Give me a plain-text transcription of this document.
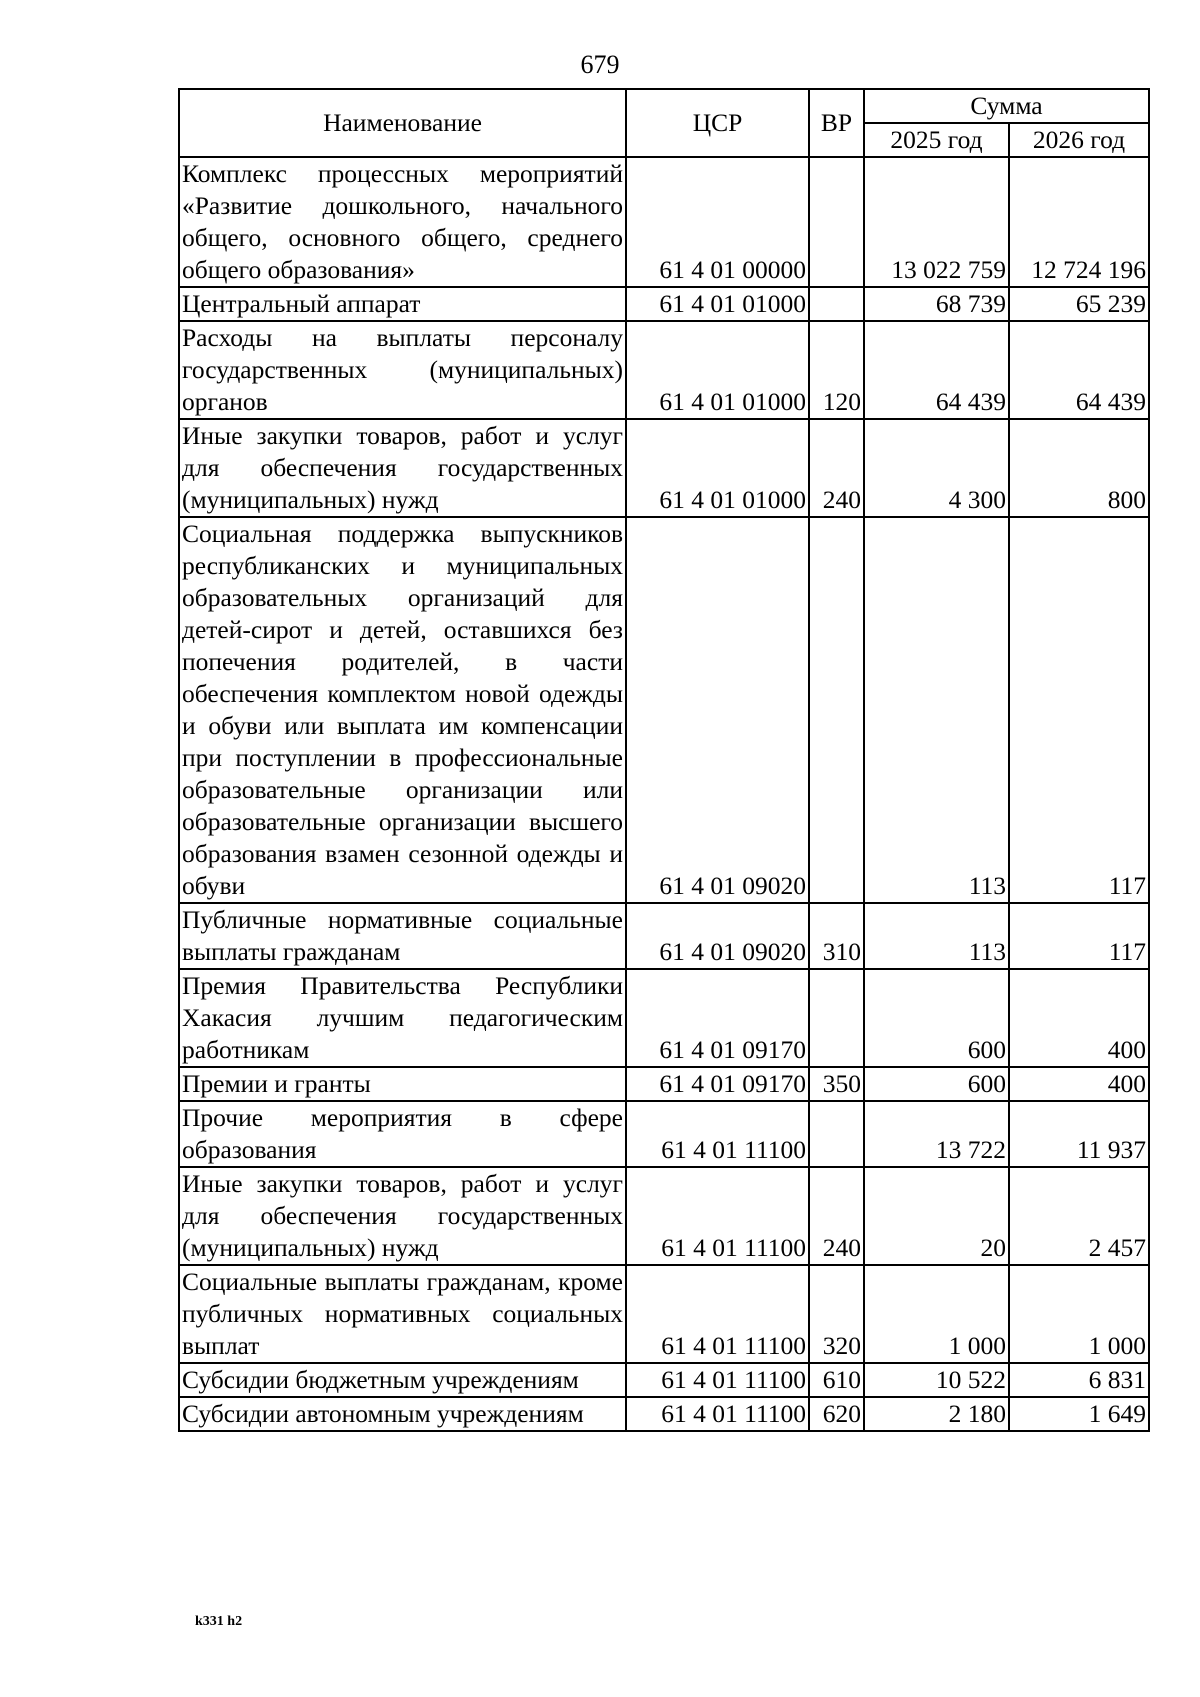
679
Наименование	ЦСР	ВР	Сумма	
			2025 год	2026 год
Комплекс процессных мероприятий «Развитие дошкольного, начального общего, основного общего, среднего общего образования»	61 4 01 00000		13 022 759	12 724 196
Центральный аппарат	61 4 01 01000		68 739	65 239
Расходы на выплаты персоналу государственных (муниципальных) органов	61 4 01 01000	120	64 439	64 439
Иные закупки товаров, работ и услуг для обеспечения государственных (муниципальных) нужд	61 4 01 01000	240	4 300	800
Социальная поддержка выпускников республиканских и муниципальных образовательных организаций для детей-сирот и детей, оставшихся без попечения родителей, в части обеспечения комплектом новой одежды и обуви или выплата им компенсации при поступлении в профессиональные образовательные организации или образовательные организации высшего образования взамен сезонной одежды и обуви	61 4 01 09020		113	117
Публичные нормативные социальные выплаты гражданам	61 4 01 09020	310	113	117
Премия Правительства Республики Хакасия лучшим педагогическим работникам	61 4 01 09170		600	400
Премии и гранты	61 4 01 09170	350	600	400
Прочие мероприятия в сфере образования	61 4 01 11100		13 722	11 937
Иные закупки товаров, работ и услуг для обеспечения государственных (муниципальных) нужд	61 4 01 11100	240	20	2 457
Социальные выплаты гражданам, кроме публичных нормативных социальных выплат	61 4 01 11100	320	1 000	1 000
Субсидии бюджетным учреждениям	61 4 01 11100	610	10 522	6 831
Субсидии автономным учреждениям	61 4 01 11100	620	2 180	1 649
k331 h2
